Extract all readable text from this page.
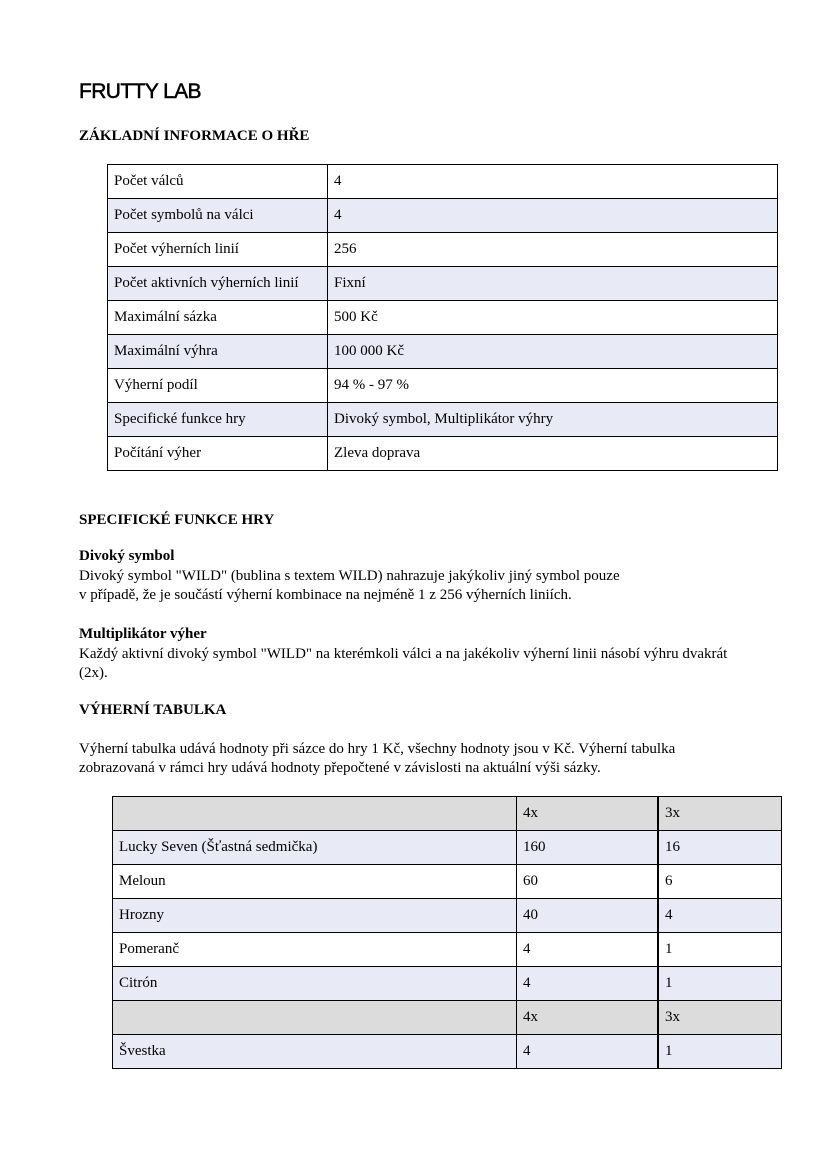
FRUTTY LAB
ZÁKLADNÍ INFORMACE O HŘE
Počet válců	4
Počet symbolů na válci	4
Počet výherních linií	256
Počet aktivních výherních linií	Fixní
Maximální sázka	500 Kč
Maximální výhra	100 000 Kč
Výherní podíl	94 % - 97 %
Specifické funkce hry	Divoký symbol, Multiplikátor výhry
Počítání výher	Zleva doprava
SPECIFICKÉ FUNKCE HRY
Divoký symbol

Divoký symbol "WILD" (bublina s textem WILD) nahrazuje jakýkoliv jiný symbol pouze

v případě, že je součástí výherní kombinace na nejméně 1 z 256 výherních liniích.

Multiplikátor výher

Každý aktivní divoký symbol "WILD" na kterémkoli válci a na jakékoliv výherní linii násobí výhru dvakrát (2x).

VÝHERNÍ TABULKA

Výherní tabulka udává hodnoty při sázce do hry 1 Kč, všechny hodnoty jsou v Kč. Výherní tabulka

zobrazovaná v rámci hry udává hodnoty přepočtené v závislosti na aktuální výši sázky.

	4x	3x
Lucky Seven (Šťastná sedmička)	160	16
Meloun	60	6
Hrozny	40	4
Pomeranč	4	1
Citrón	4	1
	4x	3x
Švestka	4	1
